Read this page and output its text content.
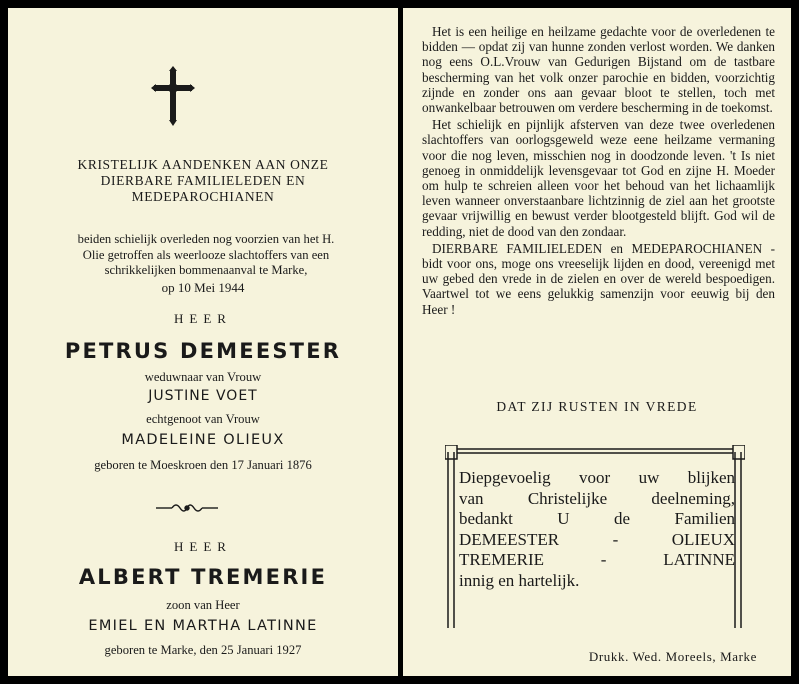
KRISTELIJK AANDENKEN AAN ONZE
DIERBARE FAMILIELEDEN EN
MEDEPAROCHIANEN
beiden schielijk overleden nog voorzien van het H.
Olie getroffen als weerlooze slachtoffers van een
schrikkelijken bommenaanval te Marke,
op 10 Mei 1944
HEER
PETRUS DEMEESTER
weduwnaar van Vrouw
JUSTINE VOET
echtgenoot van Vrouw
MADELEINE OLIEUX
geboren te Moeskroen den 17 Januari 1876
HEER
ALBERT TREMERIE
zoon van Heer
EMIEL EN MARTHA LATINNE
geboren te Marke, den 25 Januari 1927

Het is een heilige en heilzame gedachte voor de overledenen te bidden — opdat zij van hunne zonden verlost worden. We danken nog eens O.L.Vrouw van Gedurigen Bijstand om de tastbare bescherming van het volk onzer parochie en bidden, voorzichtig zijnde en zonder ons aan gevaar bloot te stellen, toch met onwankelbaar betrouwen om verdere bescherming in de toekomst.

Het schielijk en pijnlijk afsterven van deze twee overledenen slachtoffers van oorlogsgeweld weze eene heilzame vermaning voor die nog leven, misschien nog in doodzonde leven. 't Is niet genoeg in onmiddelijk levensgevaar tot God en zijne H. Moeder om hulp te schreien alleen voor het behoud van het lichaamlijk leven wanneer onverstaanbare lichtzinnig de ziel aan het grootste gevaar vrijwillig en bewust verder blootgesteld blijft. God wil de redding, niet de dood van den zondaar.

DIERBARE FAMILIELEDEN en MEDEPAROCHIANEN - bidt voor ons, moge ons vreeselijk lijden en dood, vereenigd met uw gebed den vrede in de zielen en over de wereld bespoedigen. Vaartwel tot we eens gelukkig samenzijn voor eeuwig bij den Heer !

DAT ZIJ RUSTEN IN VREDE
Diepgevoelig voor uw blijken
van Christelijke deelneming,
bedankt U de Familien
DEMEESTER - OLIEUX
TREMERIE - LATINNE
innig en hartelijk.
Drukk. Wed. Moreels, Marke
